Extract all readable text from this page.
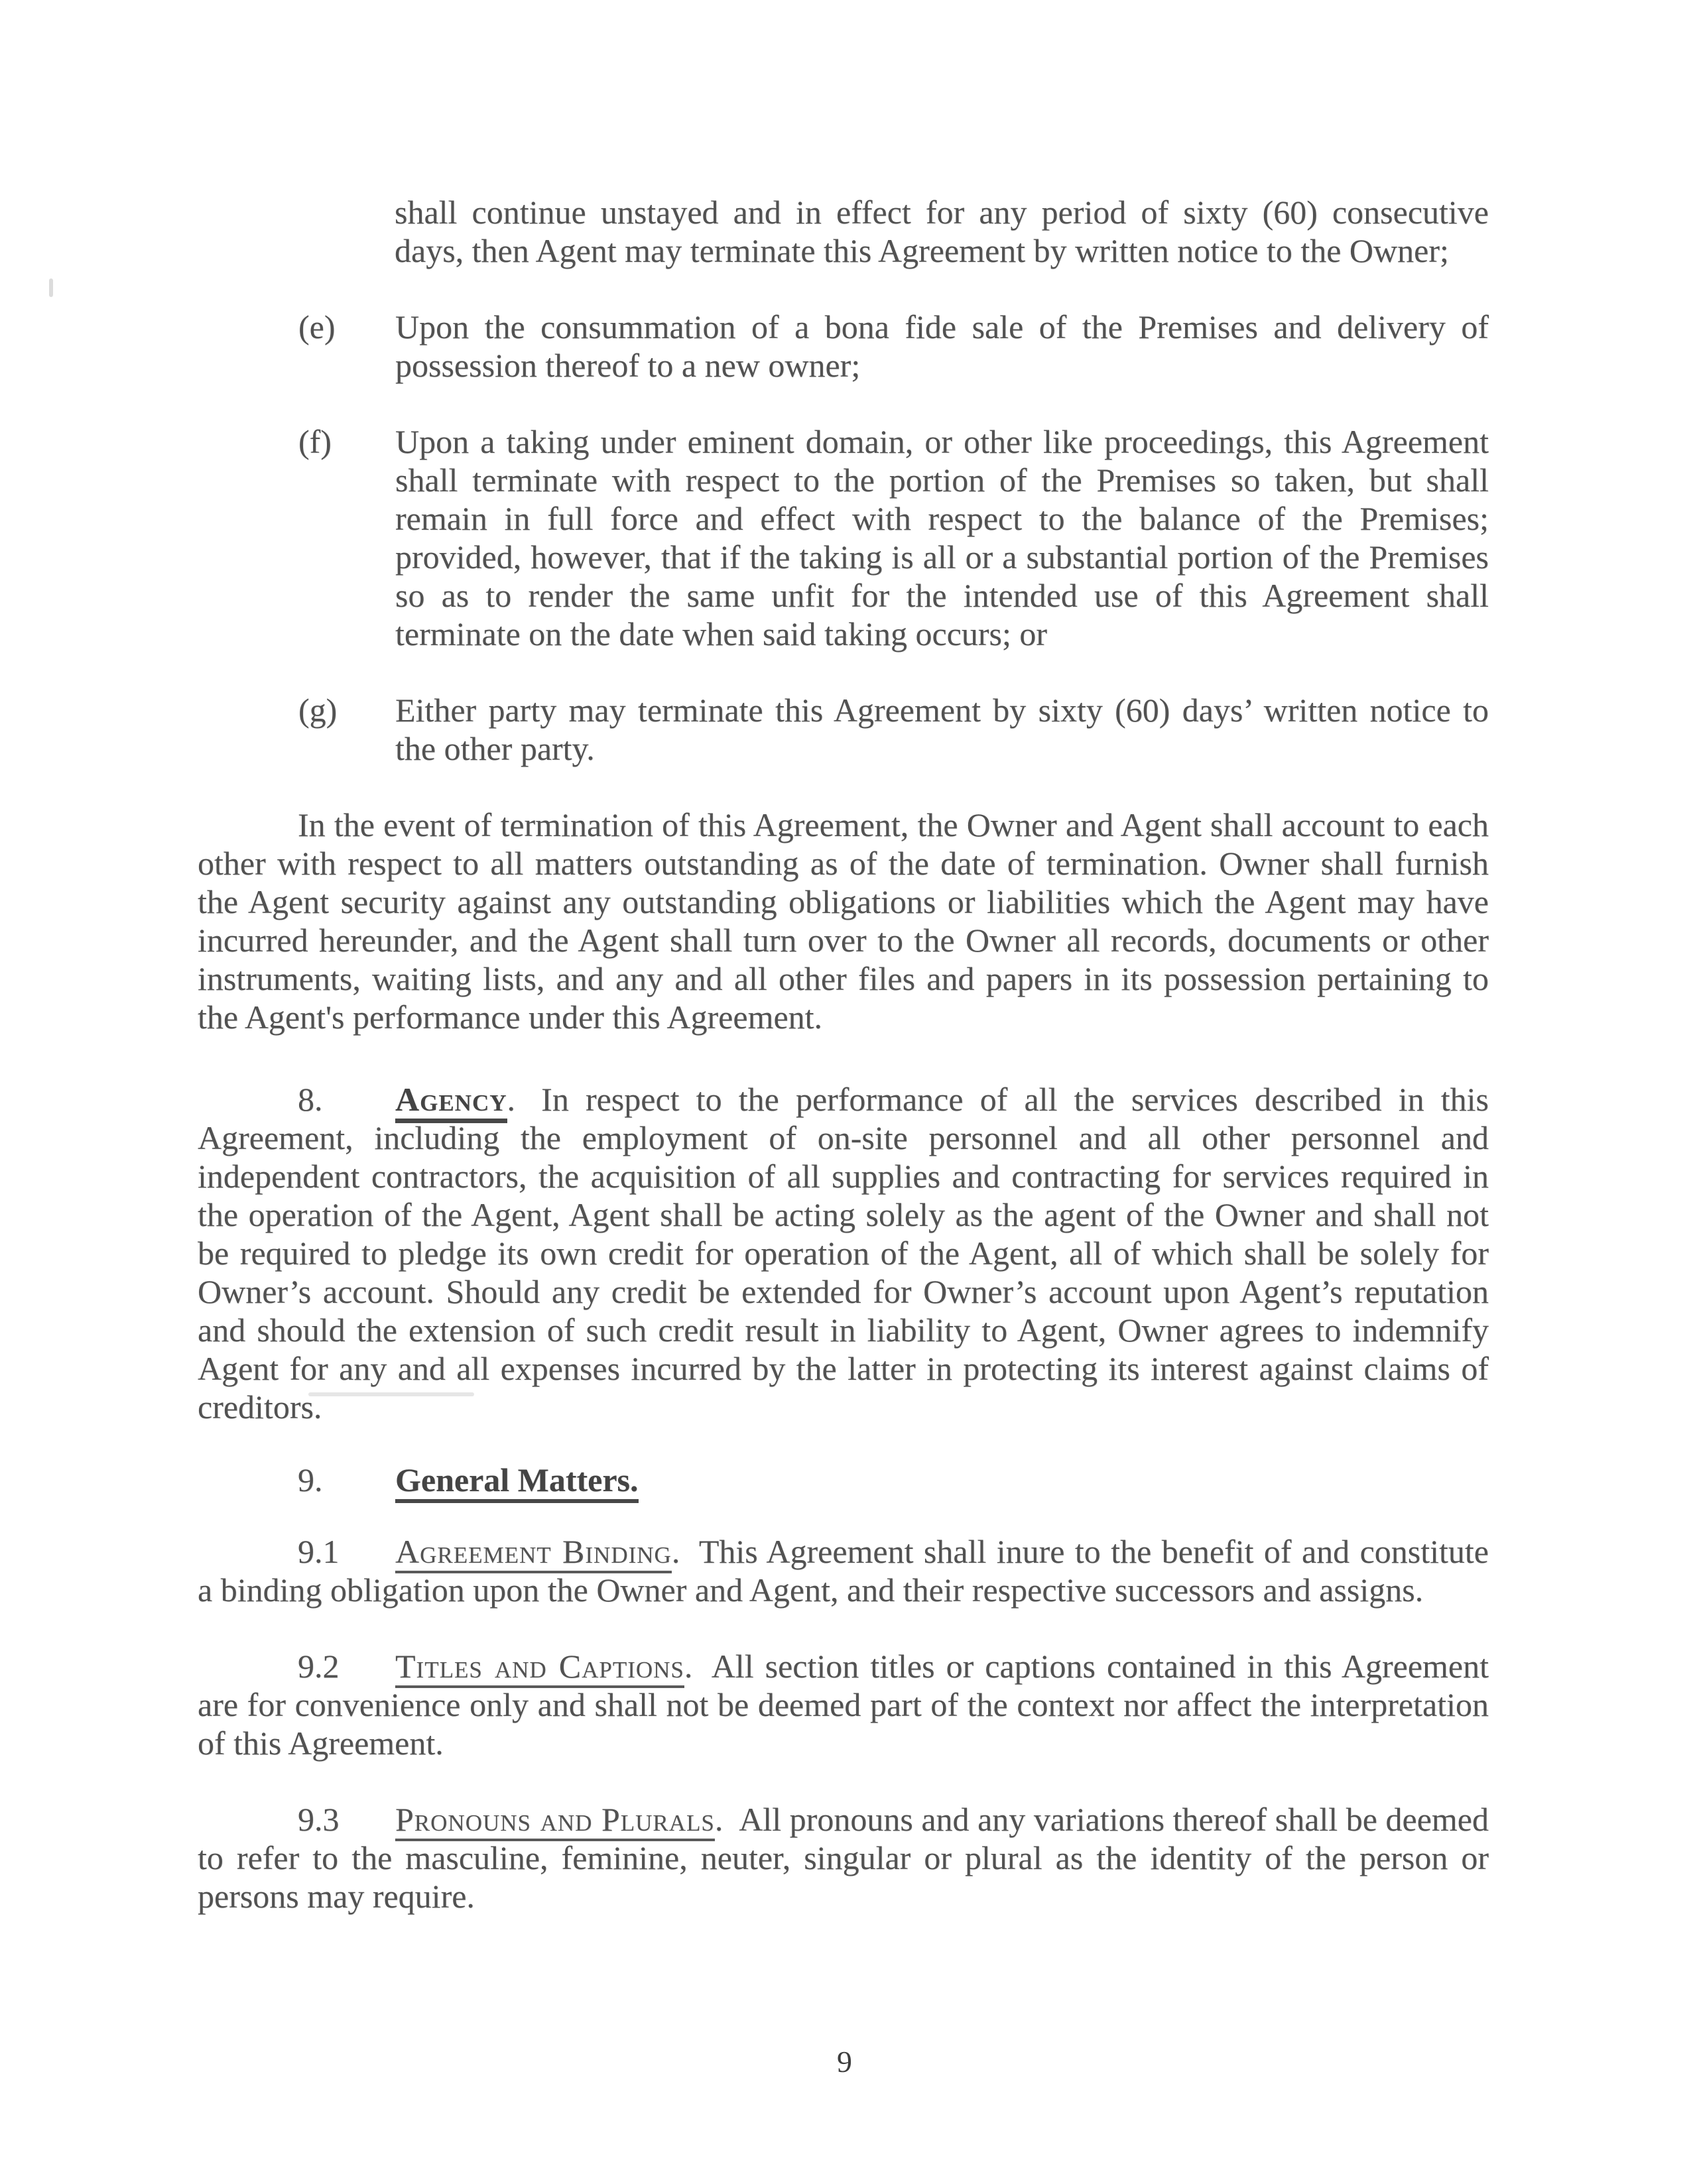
shall continue unstayed and in effect for any period of sixty (60) consecutive days, then Agent may terminate this Agreement by written notice to the Owner;

(e)	Upon the consummation of a bona fide sale of the Premises and delivery of possession thereof to a new owner;
(f)	Upon a taking under eminent domain, or other like proceedings, this Agreement shall terminate with respect to the portion of the Premises so taken, but shall remain in full force and effect with respect to the balance of the Premises; provided, however, that if the taking is all or a substantial portion of the Premises so as to render the same unfit for the intended use of this Agreement shall terminate on the date when said taking occurs; or
(g)	Either party may terminate this Agreement by sixty (60) days’ written notice to the other party.

In the event of termination of this Agreement, the Owner and Agent shall account to each other with respect to all matters outstanding as of the date of termination. Owner shall furnish the Agent security against any outstanding obligations or liabilities which the Agent may have incurred hereunder, and the Agent shall turn over to the Owner all records, documents or other instruments, waiting lists, and any and all other files and papers in its possession pertaining to the Agent's performance under this Agreement.

8. Agency. In respect to the performance of all the services described in this Agreement, including the employment of on-site personnel and all other personnel and independent contractors, the acquisition of all supplies and contracting for services required in the operation of the Agent, Agent shall be acting solely as the agent of the Owner and shall not be required to pledge its own credit for operation of the Agent, all of which shall be solely for Owner’s account. Should any credit be extended for Owner’s account upon Agent’s reputation and should the extension of such credit result in liability to Agent, Owner agrees to indemnify Agent for any and all expenses incurred by the latter in protecting its interest against claims of creditors.

9. General Matters.

9.1 Agreement Binding. This Agreement shall inure to the benefit of and constitute a binding obligation upon the Owner and Agent, and their respective successors and assigns.

9.2 Titles and Captions. All section titles or captions contained in this Agreement are for convenience only and shall not be deemed part of the context nor affect the interpretation of this Agreement.

9.3 Pronouns and Plurals. All pronouns and any variations thereof shall be deemed to refer to the masculine, feminine, neuter, singular or plural as the identity of the person or persons may require.

9
